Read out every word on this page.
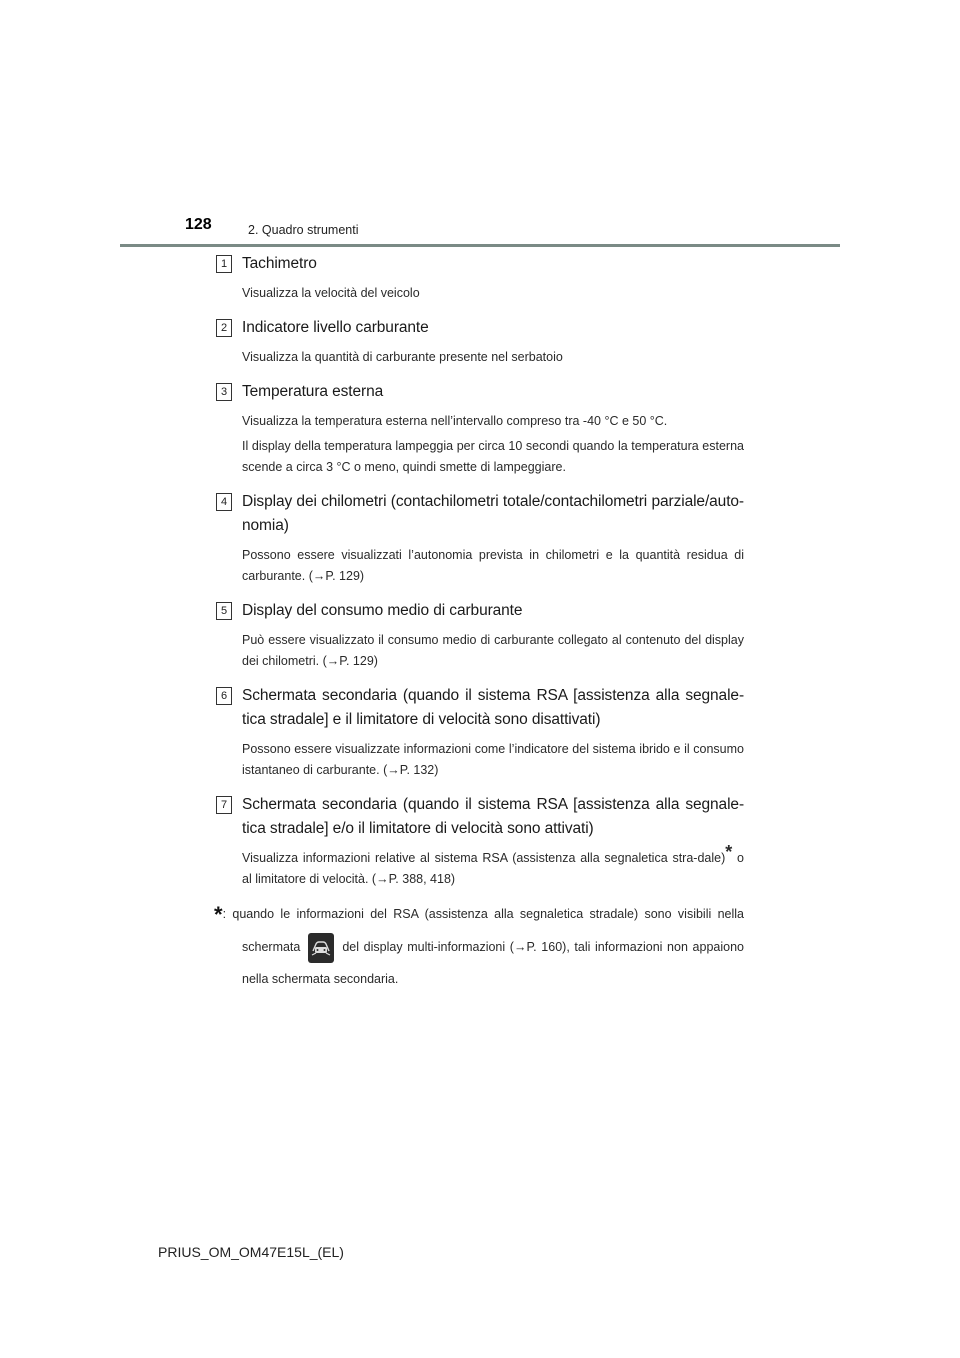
128	2. Quadro strumenti
1 Tachimetro

Visualizza la velocità del veicolo

2 Indicatore livello carburante

Visualizza la quantità di carburante presente nel serbatoio

3 Temperatura esterna

Visualizza la temperatura esterna nell’intervallo compreso tra -40 °C e 50 °C.

Il display della temperatura lampeggia per circa 10 secondi quando la temperatura esterna scende a circa 3 °C o meno, quindi smette di lampeggiare.

4 Display dei chilometri (contachilometri totale/contachilometri parziale/auto-nomia)

Possono essere visualizzati l’autonomia prevista in chilometri e la quantità residua di carburante. (→P. 129)

5 Display del consumo medio di carburante

Può essere visualizzato il consumo medio di carburante collegato al contenuto del display dei chilometri. (→P. 129)

6 Schermata secondaria (quando il sistema RSA [assistenza alla segnale-tica stradale] e il limitatore di velocità sono disattivati)

Possono essere visualizzate informazioni come l’indicatore del sistema ibrido e il consumo istantaneo di carburante. (→P. 132)

7 Schermata secondaria (quando il sistema RSA [assistenza alla segnale-tica stradale] e/o il limitatore di velocità sono attivati)

Visualizza informazioni relative al sistema RSA (assistenza alla segnaletica stra-dale)* o al limitatore di velocità. (→P. 388, 418)

*: quando le informazioni del RSA (assistenza alla segnaletica stradale) sono visibili nella schermata	del display multi-informazioni (→P. 160), tali informazioni non appaiono nella schermata secondaria.
PRIUS_OM_OM47E15L_(EL)
